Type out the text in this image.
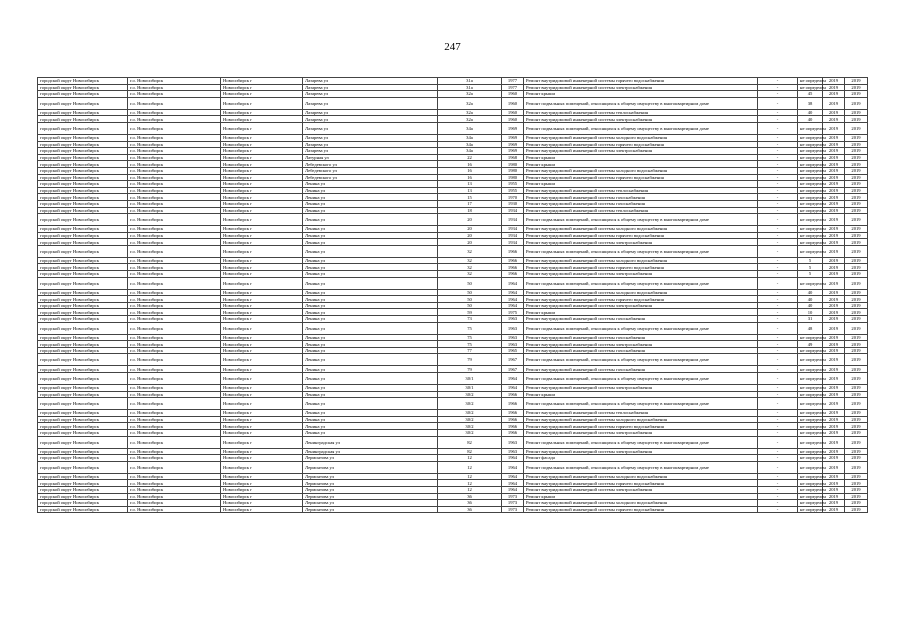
247
городской округ Новосибирск	г.о. Новосибирск	Новосибирск г	Лазарева ул	31а	1977	Ремонт внутридомовой инженерной системы горячего водоснабжения	-	не определен	2019	2019
городской округ Новосибирск	г.о. Новосибирск	Новосибирск г	Лазарева ул	31а	1977	Ремонт внутридомовой инженерной системы электроснабжения	-	не определен	2019	2019
городской округ Новосибирск	г.о. Новосибирск	Новосибирск г	Лазарева ул	32а	1960	Ремонт крыши	-	45	2019	2019
городской округ Новосибирск	г.о. Новосибирск	Новосибирск г	Лазарева ул	32а	1960	Ремонт подвальных помещений, относящихся к общему имуществу в многоквартирном доме	-	38	2019	2019
городской округ Новосибирск	г.о. Новосибирск	Новосибирск г	Лазарева ул	32а	1960	Ремонт внутридомовой инженерной системы теплоснабжения	-	40	2019	2019
городской округ Новосибирск	г.о. Новосибирск	Новосибирск г	Лазарева ул	32а	1960	Ремонт внутридомовой инженерной системы электроснабжения	-	40	2019	2019
городской округ Новосибирск	г.о. Новосибирск	Новосибирск г	Лазарева ул	34а	1969	Ремонт подвальных помещений, относящихся к общему имуществу в многоквартирном доме	-	не определен	2019	2019
городской округ Новосибирск	г.о. Новосибирск	Новосибирск г	Лазарева ул	34а	1969	Ремонт внутридомовой инженерной системы холодного водоснабжения	-	не определен	2019	2019
городской округ Новосибирск	г.о. Новосибирск	Новосибирск г	Лазарева ул	34а	1969	Ремонт внутридомовой инженерной системы горячего водоснабжения	-	не определен	2019	2019
городской округ Новосибирск	г.о. Новосибирск	Новосибирск г	Лазарева ул	34а	1969	Ремонт внутридомовой инженерной системы электроснабжения	-	не определен	2019	2019
городской округ Новосибирск	г.о. Новосибирск	Новосибирск г	Латурная ул	22	1968	Ремонт крыши	-	не определен	2019	2019
городской округ Новосибирск	г.о. Новосибирск	Новосибирск г	Лебедевского ул	16	1980	Ремонт крыши	-	не определен	2019	2019
городской округ Новосибирск	г.о. Новосибирск	Новосибирск г	Лебедевского ул	16	1980	Ремонт внутридомовой инженерной системы холодного водоснабжения	-	не определен	2019	2019
городской округ Новосибирск	г.о. Новосибирск	Новосибирск г	Лебедевского ул	16	1980	Ремонт внутридомовой инженерной системы горячего водоснабжения	-	не определен	2019	2019
городской округ Новосибирск	г.о. Новосибирск	Новосибирск г	Ленина ул	13	1955	Ремонт крыши	-	не определен	2019	2019
городской округ Новосибирск	г.о. Новосибирск	Новосибирск г	Ленина ул	13	1955	Ремонт внутридомовой инженерной системы теплоснабжения	-	не определен	2019	2019
городской округ Новосибирск	г.о. Новосибирск	Новосибирск г	Ленина ул	15	1970	Ремонт внутридомовой инженерной системы газоснабжения	-	не определен	2019	2019
городской округ Новосибирск	г.о. Новосибирск	Новосибирск г	Ленина ул	17	1930	Ремонт внутридомовой инженерной системы газоснабжения	-	не определен	2019	2019
городской округ Новосибирск	г.о. Новосибирск	Новосибирск г	Ленина ул	18	1934	Ремонт внутридомовой инженерной системы теплоснабжения	-	не определен	2019	2019
городской округ Новосибирск	г.о. Новосибирск	Новосибирск г	Ленина ул	20	1934	Ремонт подвальных помещений, относящихся к общему имуществу в многоквартирном доме	-	не определен	2019	2019
городской округ Новосибирск	г.о. Новосибирск	Новосибирск г	Ленина ул	20	1934	Ремонт внутридомовой инженерной системы холодного водоснабжения	-	не определен	2019	2019
городской округ Новосибирск	г.о. Новосибирск	Новосибирск г	Ленина ул	20	1934	Ремонт внутридомовой инженерной системы горячего водоснабжения	-	не определен	2019	2019
городской округ Новосибирск	г.о. Новосибирск	Новосибирск г	Ленина ул	20	1934	Ремонт внутридомовой инженерной системы электроснабжения	-	не определен	2019	2019
городской округ Новосибирск	г.о. Новосибирск	Новосибирск г	Ленина ул	32	1966	Ремонт подвальных помещений, относящихся к общему имуществу в многоквартирном доме	-	не определен	2019	2019
городской округ Новосибирск	г.о. Новосибирск	Новосибирск г	Ленина ул	32	1966	Ремонт внутридомовой инженерной системы холодного водоснабжения	-	5	2019	2019
городской округ Новосибирск	г.о. Новосибирск	Новосибирск г	Ленина ул	32	1966	Ремонт внутридомовой инженерной системы горячего водоснабжения	-	5	2019	2019
городской округ Новосибирск	г.о. Новосибирск	Новосибирск г	Ленина ул	32	1966	Ремонт внутридомовой инженерной системы электроснабжения	-	5	2019	2019
городской округ Новосибирск	г.о. Новосибирск	Новосибирск г	Ленина ул	50	1964	Ремонт подвальных помещений, относящихся к общему имуществу в многоквартирном доме	-	не определен	2019	2019
городской округ Новосибирск	г.о. Новосибирск	Новосибирск г	Ленина ул	50	1964	Ремонт внутридомовой инженерной системы холодного водоснабжения	-	40	2019	2019
городской округ Новосибирск	г.о. Новосибирск	Новосибирск г	Ленина ул	50	1964	Ремонт внутридомовой инженерной системы горячего водоснабжения	-	40	2019	2019
городской округ Новосибирск	г.о. Новосибирск	Новосибирск г	Ленина ул	50	1964	Ремонт внутридомовой инженерной системы электроснабжения	-	40	2019	2019
городской округ Новосибирск	г.о. Новосибирск	Новосибирск г	Ленина ул	59	1975	Ремонт крыши	-	10	2019	2019
городской округ Новосибирск	г.о. Новосибирск	Новосибирск г	Ленина ул	73	1963	Ремонт внутридомовой инженерной системы газоснабжения	-	31	2019	2019
городской округ Новосибирск	г.о. Новосибирск	Новосибирск г	Ленина ул	75	1963	Ремонт подвальных помещений, относящихся к общему имуществу в многоквартирном доме	-	48	2019	2019
городской округ Новосибирск	г.о. Новосибирск	Новосибирск г	Ленина ул	75	1963	Ремонт внутридомовой инженерной системы газоснабжения	-	не определен	2019	2019
городской округ Новосибирск	г.о. Новосибирск	Новосибирск г	Ленина ул	75	1963	Ремонт внутридомовой инженерной системы электроснабжения	-	49	2019	2019
городской округ Новосибирск	г.о. Новосибирск	Новосибирск г	Ленина ул	77	1965	Ремонт внутридомовой инженерной системы газоснабжения	-	не определен	2019	2019
городской округ Новосибирск	г.о. Новосибирск	Новосибирск г	Ленина ул	79	1967	Ремонт подвальных помещений, относящихся к общему имуществу в многоквартирном доме	-	не определен	2019	2019
городской округ Новосибирск	г.о. Новосибирск	Новосибирск г	Ленина ул	79	1967	Ремонт внутридомовой инженерной системы газоснабжения	-	не определен	2019	2019
городской округ Новосибирск	г.о. Новосибирск	Новосибирск г	Ленина ул	30/1	1964	Ремонт подвальных помещений, относящихся к общему имуществу в многоквартирном доме	-	не определен	2019	2019
городской округ Новосибирск	г.о. Новосибирск	Новосибирск г	Ленина ул	30/1	1964	Ремонт внутридомовой инженерной системы электроснабжения	-	не определен	2019	2019
городской округ Новосибирск	г.о. Новосибирск	Новосибирск г	Ленина ул	30/2	1966	Ремонт крыши	-	не определен	2019	2019
городской округ Новосибирск	г.о. Новосибирск	Новосибирск г	Ленина ул	30/2	1966	Ремонт подвальных помещений, относящихся к общему имуществу в многоквартирном доме	-	не определен	2019	2019
городской округ Новосибирск	г.о. Новосибирск	Новосибирск г	Ленина ул	30/2	1966	Ремонт внутридомовой инженерной системы теплоснабжения	-	не определен	2019	2019
городской округ Новосибирск	г.о. Новосибирск	Новосибирск г	Ленина ул	30/2	1966	Ремонт внутридомовой инженерной системы холодного водоснабжения	-	не определен	2019	2019
городской округ Новосибирск	г.о. Новосибирск	Новосибирск г	Ленина ул	30/2	1966	Ремонт внутридомовой инженерной системы горячего водоснабжения	-	не определен	2019	2019
городской округ Новосибирск	г.о. Новосибирск	Новосибирск г	Ленина ул	30/2	1966	Ремонт внутридомовой инженерной системы электроснабжения	-	не определен	2019	2019
городской округ Новосибирск	г.о. Новосибирск	Новосибирск г	Ленинградская ул	82	1963	Ремонт подвальных помещений, относящихся к общему имуществу в многоквартирном доме	-	не определен	2019	2019
городской округ Новосибирск	г.о. Новосибирск	Новосибирск г	Ленинградская ул	82	1963	Ремонт внутридомовой инженерной системы электроснабжения	-	не определен	2019	2019
городской округ Новосибирск	г.о. Новосибирск	Новосибирск г	Лермонтова ул	12	1964	Ремонт фасада	-	не определен	2019	2019
городской округ Новосибирск	г.о. Новосибирск	Новосибирск г	Лермонтова ул	12	1964	Ремонт подвальных помещений, относящихся к общему имуществу в многоквартирном доме	-	не определен	2019	2019
городской округ Новосибирск	г.о. Новосибирск	Новосибирск г	Лермонтова ул	12	1964	Ремонт внутридомовой инженерной системы холодного водоснабжения	-	не определен	2019	2019
городской округ Новосибирск	г.о. Новосибирск	Новосибирск г	Лермонтова ул	12	1964	Ремонт внутридомовой инженерной системы горячего водоснабжения	-	не определен	2019	2019
городской округ Новосибирск	г.о. Новосибирск	Новосибирск г	Лермонтова ул	12	1964	Ремонт внутридомовой инженерной системы электроснабжения	-	не определен	2019	2019
городской округ Новосибирск	г.о. Новосибирск	Новосибирск г	Лермонтова ул	36	1973	Ремонт крыши	-	не определен	2019	2019
городской округ Новосибирск	г.о. Новосибирск	Новосибирск г	Лермонтова ул	36	1973	Ремонт внутридомовой инженерной системы холодного водоснабжения	-	не определен	2019	2019
городской округ Новосибирск	г.о. Новосибирск	Новосибирск г	Лермонтова ул	36	1973	Ремонт внутридомовой инженерной системы горячего водоснабжения	-	не определен	2019	2019
